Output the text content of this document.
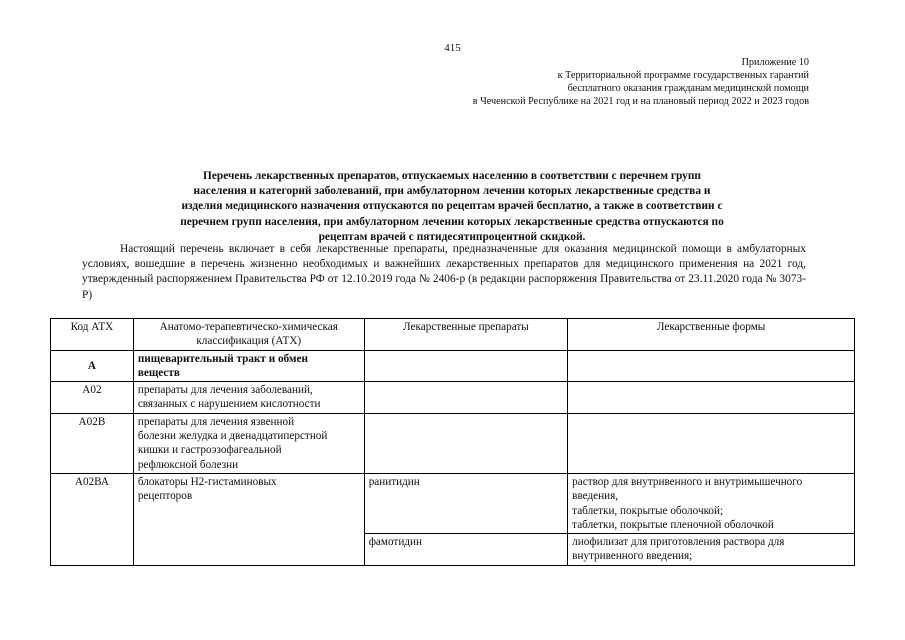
415
Приложение 10
к Территориальной программе государственных гарантий
бесплатного оказания гражданам медицинской помощи
в Чеченской Республике на 2021 год и на плановый период 2022 и 2023 годов
Перечень лекарственных препаратов, отпускаемых населению в соответствии с перечнем групп
населения и категорий заболеваний, при амбулаторном лечении которых лекарственные средства и
изделия медицинского назначения отпускаются по рецептам врачей бесплатно, а также в соответствии с
перечнем групп населения, при амбулаторном лечении которых лекарственные средства отпускаются по
рецептам врачей с пятидесятипроцентной скидкой.
Настоящий перечень включает в себя лекарственные препараты, предназначенные для оказания медицинской помощи в амбулаторных условиях, вошедшие в перечень жизненно необходимых и важнейших лекарственных препаратов для медицинского применения на 2021 год, утвержденный распоряжением Правительства РФ от 12.10.2019 года № 2406-р (в редакции распоряжения Правительства от 23.11.2020 года № 3073-Р)
Код АТХ	Анатомо-терапевтическо-химическая
классификация (АТХ)	Лекарственные препараты	Лекарственные формы
А	пищеварительный тракт и обмен
веществ		

А02	препараты для лечения заболеваний,
связанных с нарушением кислотности		

А02В	препараты для лечения язвенной
болезни желудка и двенадцатиперстной
кишки и гастроэзофагеальной
рефлюксной болезни		

А02ВА	блокаторы Н2-гистаминовых
рецепторов	ранитидин	раствор для внутривенного и внутримышечного
введения,
таблетки, покрытые оболочкой;
таблетки, покрытые пленочной оболочкой

		фамотидин	лиофилизат для приготовления раствора для
внутривенного введения;
